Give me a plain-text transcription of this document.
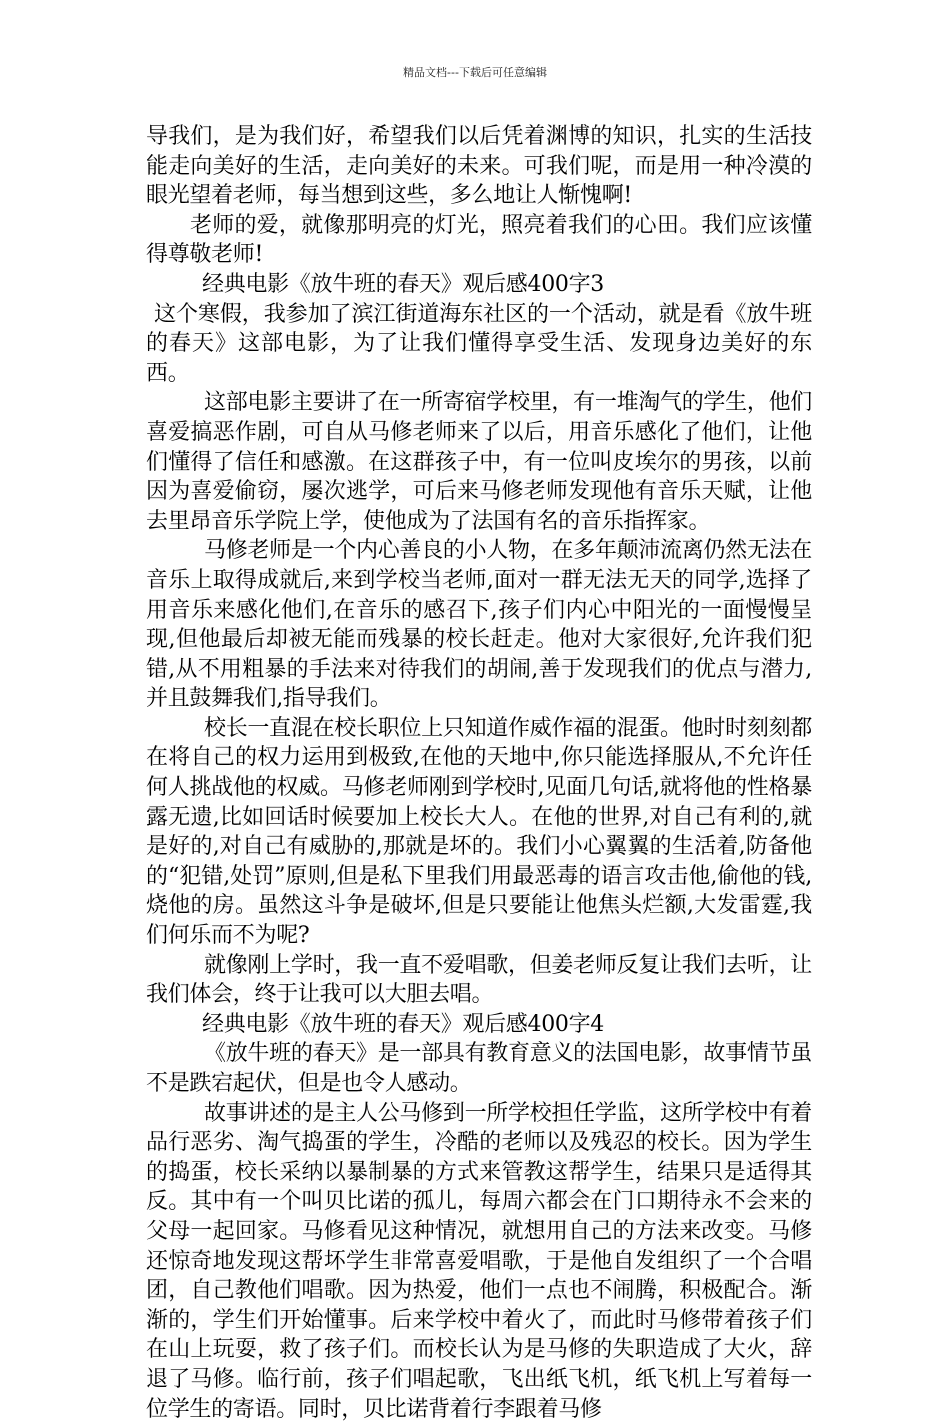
精品文档---下载后可任意编辑

导我们，是为我们好，希望我们以后凭着渊博的知识，扎实的生活技能走向美好的生活，走向美好的未来。可我们呢，而是用一种冷漠的眼光望着老师，每当想到这些，多么地让人惭愧啊!

老师的爱，就像那明亮的灯光，照亮着我们的心田。我们应该懂得尊敬老师!

经典电影《放牛班的春天》观后感400字3

这个寒假，我参加了滨江街道海东社区的一个活动，就是看《放牛班的春天》这部电影，为了让我们懂得享受生活、发现身边美好的东西。

这部电影主要讲了在一所寄宿学校里，有一堆淘气的学生，他们喜爱搞恶作剧，可自从马修老师来了以后，用音乐感化了他们，让他们懂得了信任和感激。在这群孩子中，有一位叫皮埃尔的男孩，以前因为喜爱偷窃，屡次逃学，可后来马修老师发现他有音乐天赋，让他去里昂音乐学院上学，使他成为了法国有名的音乐指挥家。

马修老师是一个内心善良的小人物，在多年颠沛流离仍然无法在音乐上取得成就后,来到学校当老师,面对一群无法无天的同学,选择了用音乐来感化他们,在音乐的感召下,孩子们内心中阳光的一面慢慢呈现,但他最后却被无能而残暴的校长赶走。他对大家很好,允许我们犯错,从不用粗暴的手法来对待我们的胡闹,善于发现我们的优点与潜力,并且鼓舞我们,指导我们。

校长一直混在校长职位上只知道作威作福的混蛋。他时时刻刻都在将自己的权力运用到极致,在他的天地中,你只能选择服从,不允许任何人挑战他的权威。马修老师刚到学校时,见面几句话,就将他的性格暴露无遗,比如回话时候要加上校长大人。在他的世界,对自己有利的,就是好的,对自己有威胁的,那就是坏的。我们小心翼翼的生活着,防备他的“犯错,处罚”原则,但是私下里我们用最恶毒的语言攻击他,偷他的钱,烧他的房。虽然这斗争是破坏,但是只要能让他焦头烂额,大发雷霆,我们何乐而不为呢?

就像刚上学时，我一直不爱唱歌，但姜老师反复让我们去听，让我们体会，终于让我可以大胆去唱。

经典电影《放牛班的春天》观后感400字4

《放牛班的春天》是一部具有教育意义的法国电影，故事情节虽不是跌宕起伏，但是也令人感动。

故事讲述的是主人公马修到一所学校担任学监，这所学校中有着品行恶劣、淘气捣蛋的学生，冷酷的老师以及残忍的校长。因为学生的捣蛋，校长采纳以暴制暴的方式来管教这帮学生，结果只是适得其反。其中有一个叫贝比诺的孤儿，每周六都会在门口期待永不会来的父母一起回家。马修看见这种情况，就想用自己的方法来改变。马修还惊奇地发现这帮坏学生非常喜爱唱歌，于是他自发组织了一个合唱团，自己教他们唱歌。因为热爱，他们一点也不闹腾，积极配合。渐渐的，学生们开始懂事。后来学校中着火了，而此时马修带着孩子们在山上玩耍，救了孩子们。而校长认为是马修的失职造成了大火，辞退了马修。临行前，孩子们唱起歌，飞出纸飞机，纸飞机上写着每一位学生的寄语。同时，贝比诺背着行李跟着马修
